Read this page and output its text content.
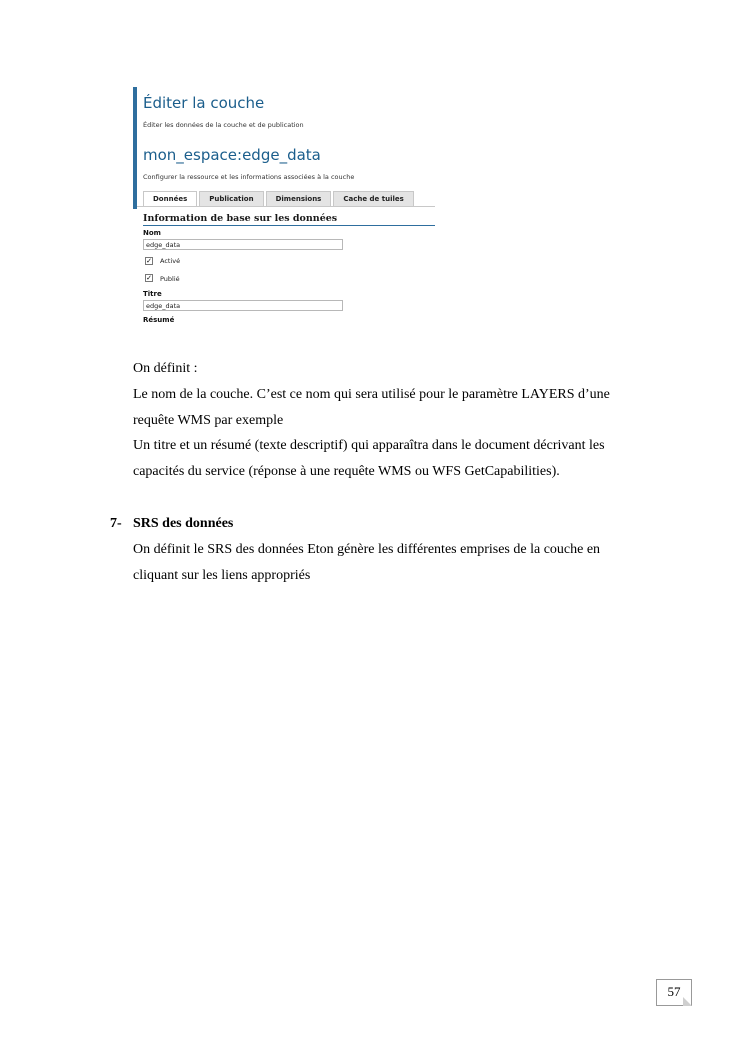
Éditer la couche
Éditer les données de la couche et de publication
mon_espace:edge_data
Configurer la ressource et les informations associées à la couche
Données	Publication	Dimensions	Cache de tuiles
Information de base sur les données
Nom
edge_data
✓ Activé
✓ Publié
Titre
edge_data
Résumé
On définit :
Le nom de la couche. C’est ce nom qui sera utilisé pour le paramètre LAYERS d’une
requête WMS par exemple
Un titre et un résumé (texte descriptif) qui apparaîtra dans le document décrivant les
capacités du service (réponse à une requête WMS ou WFS GetCapabilities).
7- SRS des données
On définit le SRS des données Eton génère les différentes emprises de la couche en
cliquant sur les liens appropriés
57
